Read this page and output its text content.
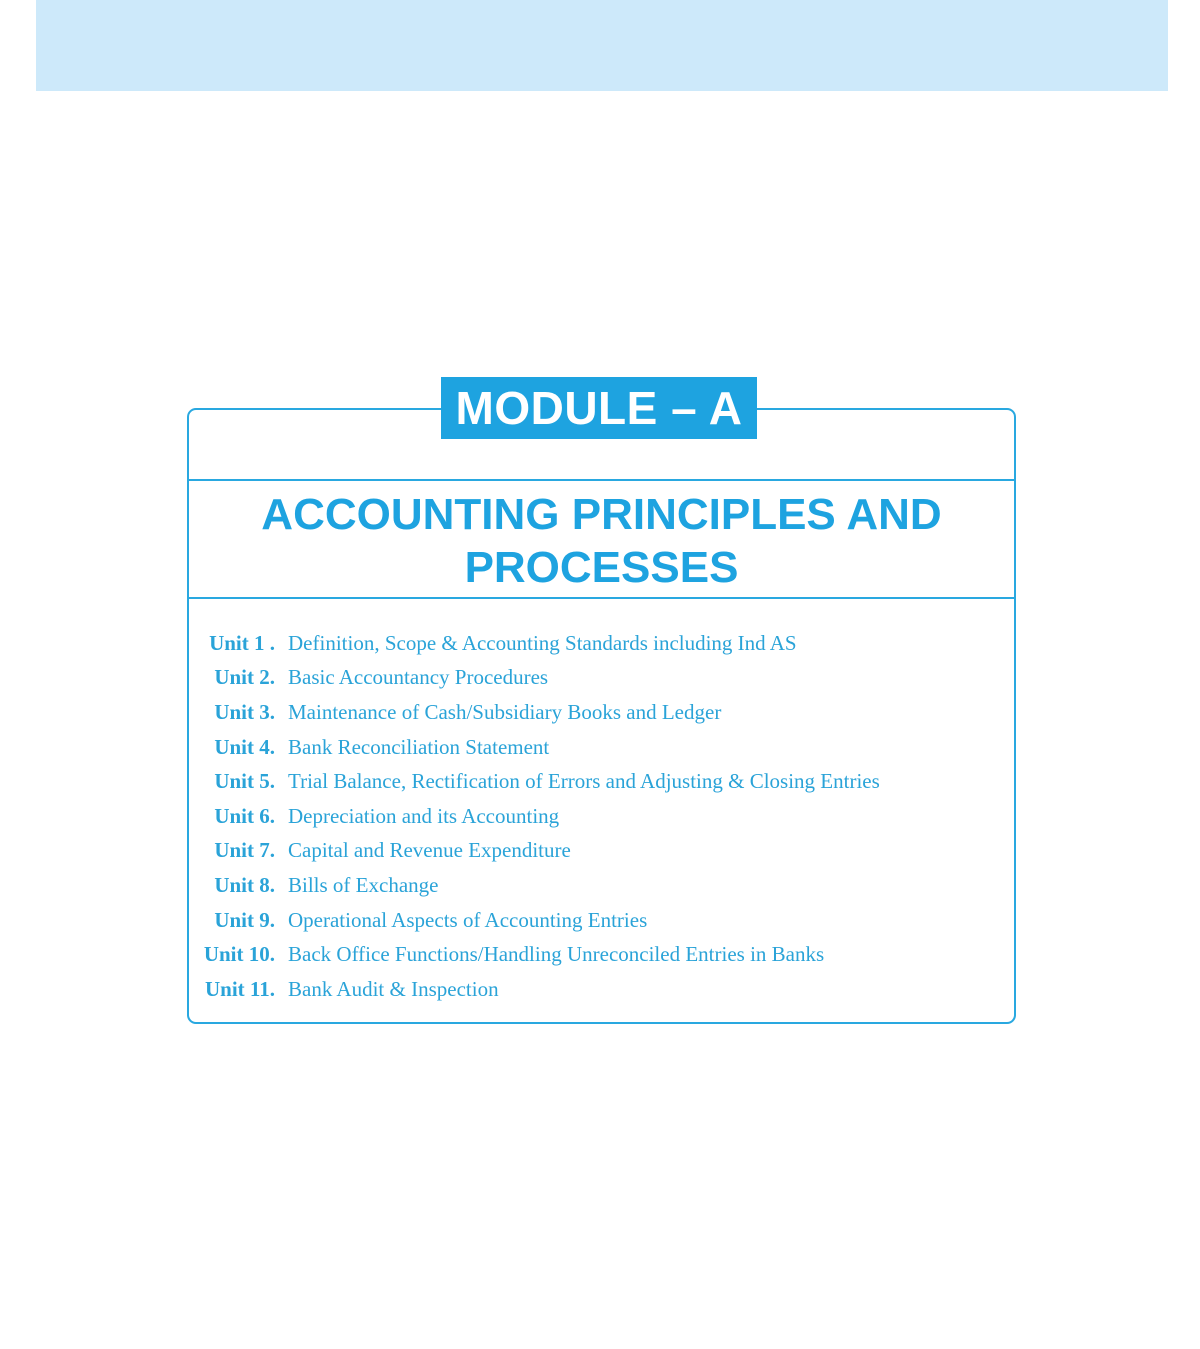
MODULE – A
ACCOUNTING PRINCIPLES AND
PROCESSES
Unit 1 . Definition, Scope & Accounting Standards including Ind AS
Unit 2. Basic Accountancy Procedures
Unit 3. Maintenance of Cash/Subsidiary Books and Ledger
Unit 4. Bank Reconciliation Statement
Unit 5. Trial Balance, Rectification of Errors and Adjusting & Closing Entries
Unit 6. Depreciation and its Accounting
Unit 7. Capital and Revenue Expenditure
Unit 8. Bills of Exchange
Unit 9. Operational Aspects of Accounting Entries
Unit 10. Back Office Functions/Handling Unreconciled Entries in Banks
Unit 11. Bank Audit & Inspection
